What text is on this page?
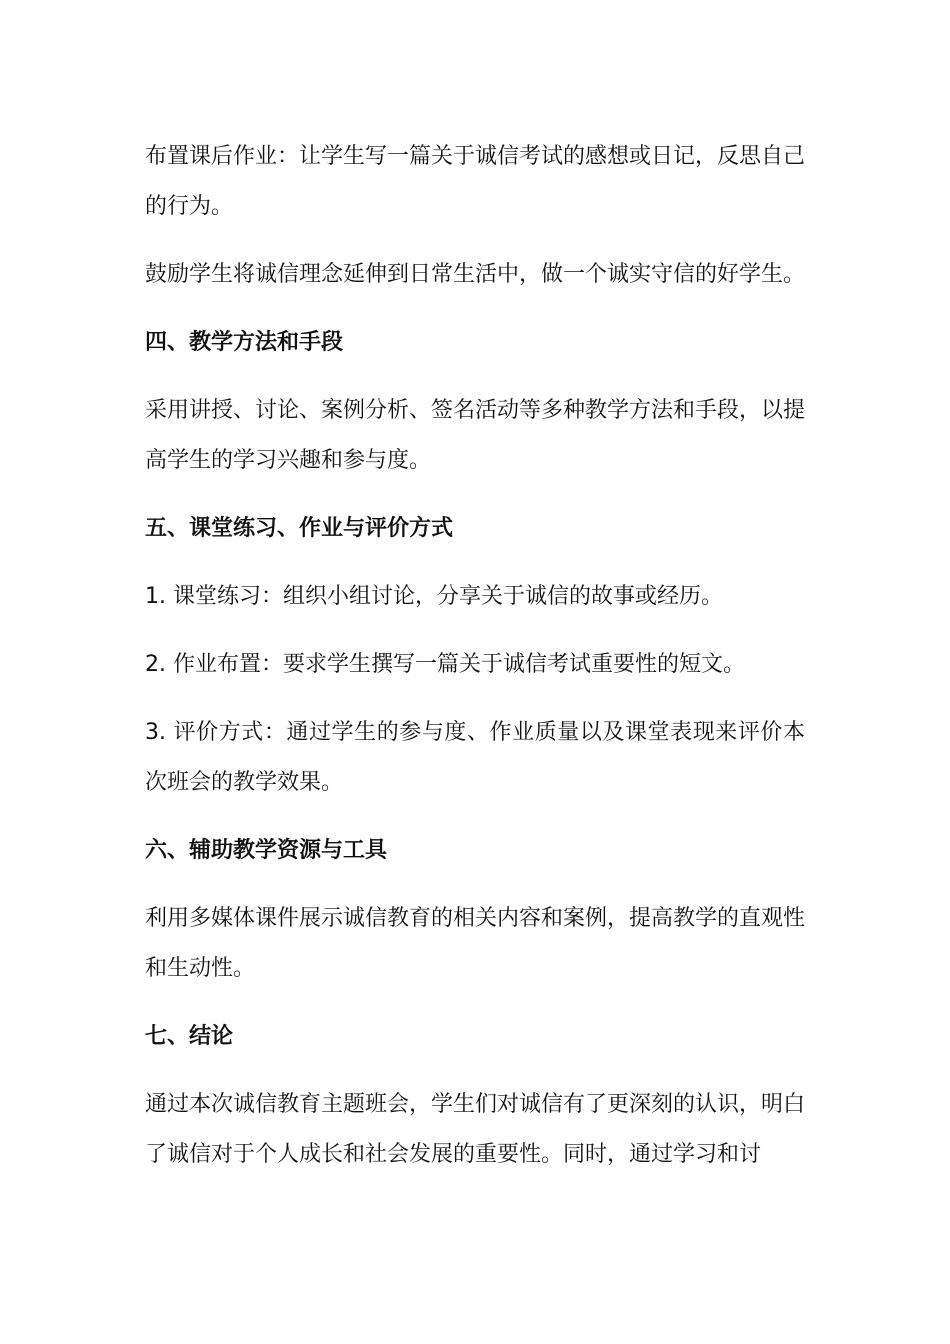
布置课后作业：让学生写一篇关于诚信考试的感想或日记，反思自己的行为。

鼓励学生将诚信理念延伸到日常生活中，做一个诚实守信的好学生。

四、教学方法和手段

采用讲授、讨论、案例分析、签名活动等多种教学方法和手段，以提高学生的学习兴趣和参与度。

五、课堂练习、作业与评价方式

1. 课堂练习：组织小组讨论，分享关于诚信的故事或经历。

2. 作业布置：要求学生撰写一篇关于诚信考试重要性的短文。

3. 评价方式：通过学生的参与度、作业质量以及课堂表现来评价本次班会的教学效果。

六、辅助教学资源与工具

利用多媒体课件展示诚信教育的相关内容和案例，提高教学的直观性和生动性。

七、结论

通过本次诚信教育主题班会，学生们对诚信有了更深刻的认识，明白了诚信对于个人成长和社会发展的重要性。同时，通过学习和讨
